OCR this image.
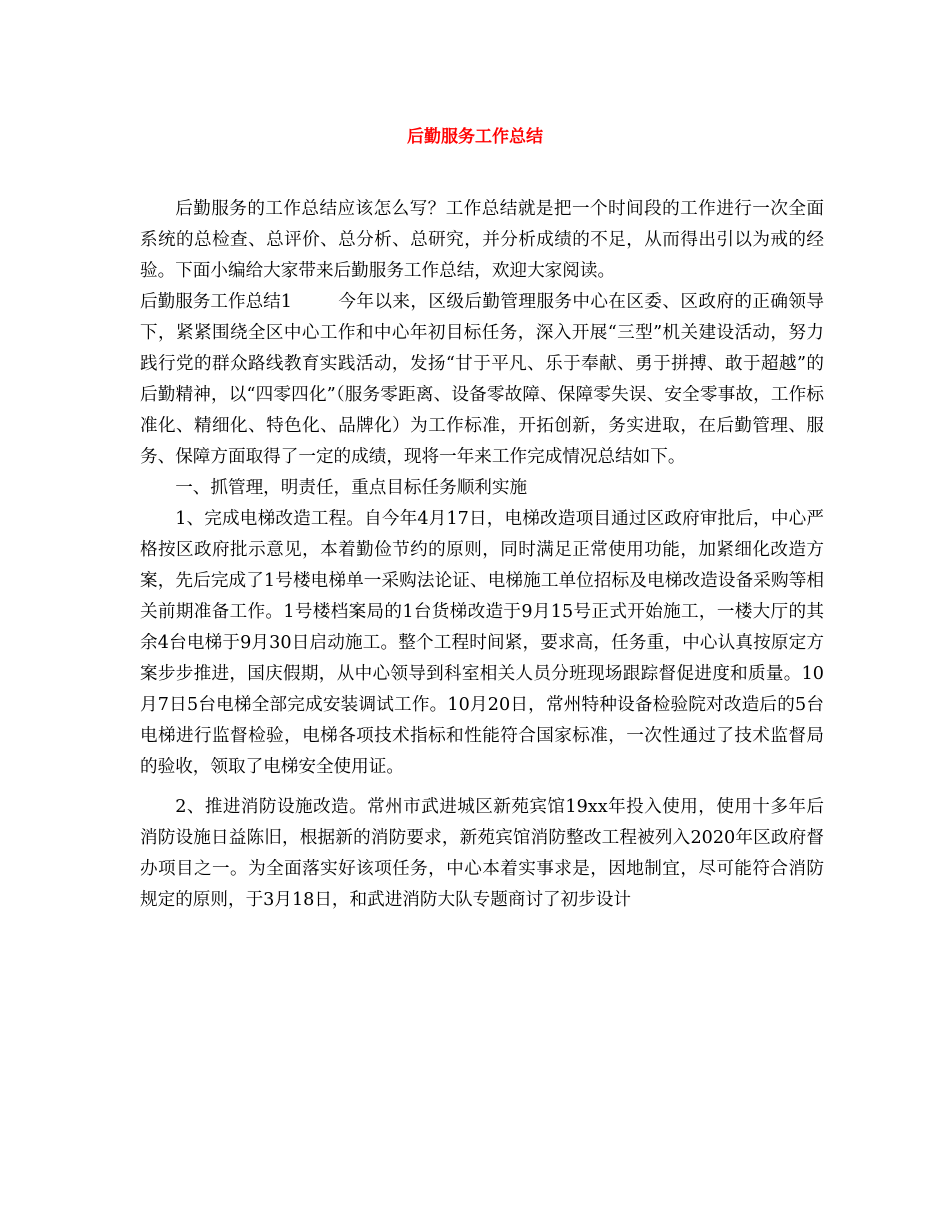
后勤服务工作总结

后勤服务的工作总结应该怎么写？工作总结就是把一个时间段的工作进行一次全面系统的总检查、总评价、总分析、总研究，并分析成绩的不足，从而得出引以为戒的经验。下面小编给大家带来后勤服务工作总结，欢迎大家阅读。

后勤服务工作总结1	今年以来，区级后勤管理服务中心在区委、区政府的正确领导下，紧紧围绕全区中心工作和中心年初目标任务，深入开展“三型”机关建设活动，努力践行党的群众路线教育实践活动，发扬“甘于平凡、乐于奉献、勇于拼搏、敢于超越”的后勤精神，以“四零四化”（服务零距离、设备零故障、保障零失误、安全零事故，工作标准化、精细化、特色化、品牌化）为工作标准，开拓创新，务实进取，在后勤管理、服务、保障方面取得了一定的成绩，现将一年来工作完成情况总结如下。

一、抓管理，明责任，重点目标任务顺利实施

1、完成电梯改造工程。自今年4月17日，电梯改造项目通过区政府审批后，中心严格按区政府批示意见，本着勤俭节约的原则，同时满足正常使用功能，加紧细化改造方案，先后完成了1号楼电梯单一采购法论证、电梯施工单位招标及电梯改造设备采购等相关前期准备工作。1号楼档案局的1台货梯改造于9月15号正式开始施工，一楼大厅的其余4台电梯于9月30日启动施工。整个工程时间紧，要求高，任务重，中心认真按原定方案步步推进，国庆假期，从中心领导到科室相关人员分班现场跟踪督促进度和质量。10月7日5台电梯全部完成安装调试工作。10月20日，常州特种设备检验院对改造后的5台电梯进行监督检验，电梯各项技术指标和性能符合国家标准，一次性通过了技术监督局的验收，领取了电梯安全使用证。

2、推进消防设施改造。常州市武进城区新苑宾馆19xx年投入使用，使用十多年后消防设施日益陈旧，根据新的消防要求，新苑宾馆消防整改工程被列入2020年区政府督办项目之一。为全面落实好该项任务，中心本着实事求是，因地制宜，尽可能符合消防规定的原则，于3月18日，和武进消防大队专题商讨了初步设计
